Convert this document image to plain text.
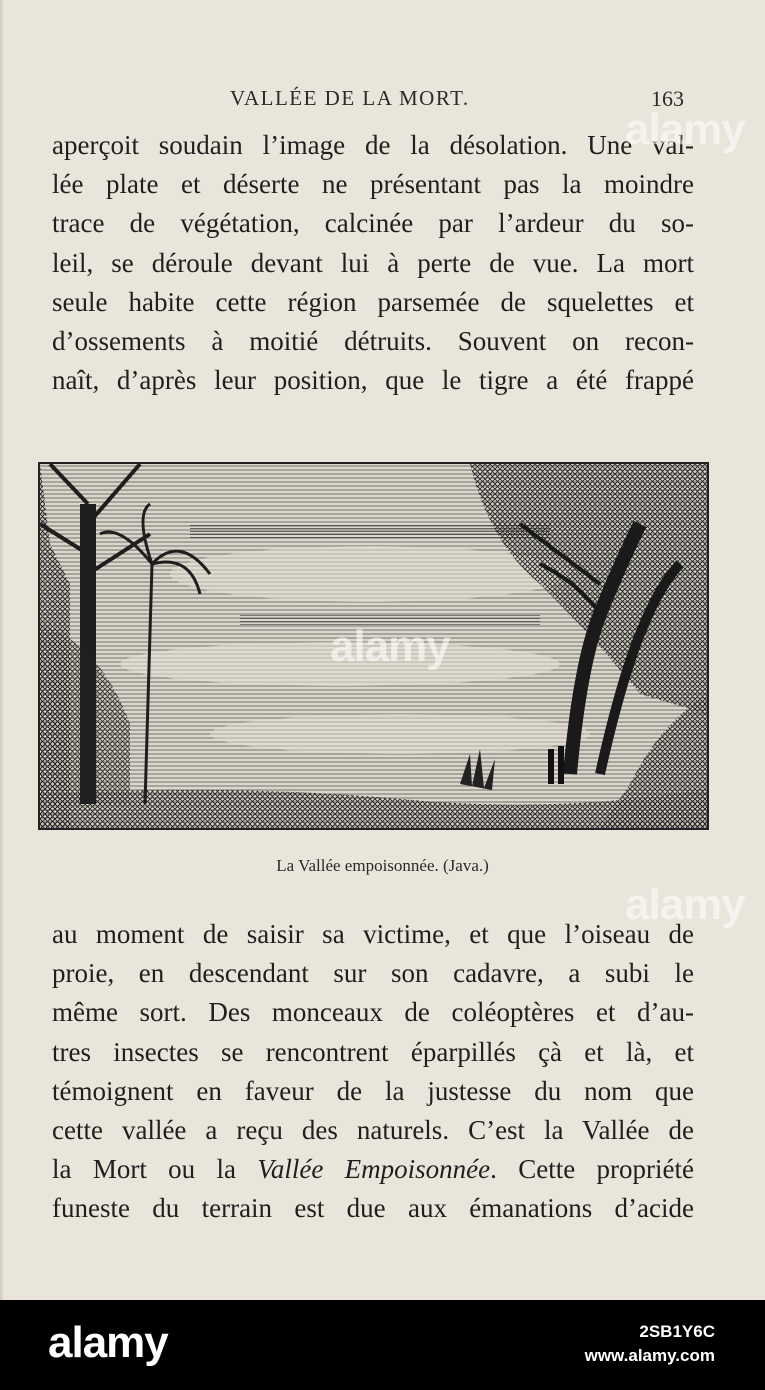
VALLÉE DE LA MORT.	163
aperçoit soudain l’image de la désolation. Une val-
lée plate et déserte ne présentant pas la moindre
trace de végétation, calcinée par l’ardeur du so-
leil, se déroule devant lui à perte de vue. La mort
seule habite cette région parsemée de squelettes et
d’ossements à moitié détruits. Souvent on recon-
naît, d’après leur position, que le tigre a été frappé
La Vallée empoisonnée. (Java.)
au moment de saisir sa victime, et que l’oiseau de
proie, en descendant sur son cadavre, a subi le
même sort. Des monceaux de coléoptères et d’au-
tres insectes se rencontrent éparpillés çà et là, et
témoignent en faveur de la justesse du nom que
cette vallée a reçu des naturels. C’est la Vallée de
la Mort ou la Vallée Empoisonnée. Cette propriété
funeste du terrain est due aux émanations d’acide
alamy
alamy
alamy
alamy	2SB1Y6C
www.alamy.com
